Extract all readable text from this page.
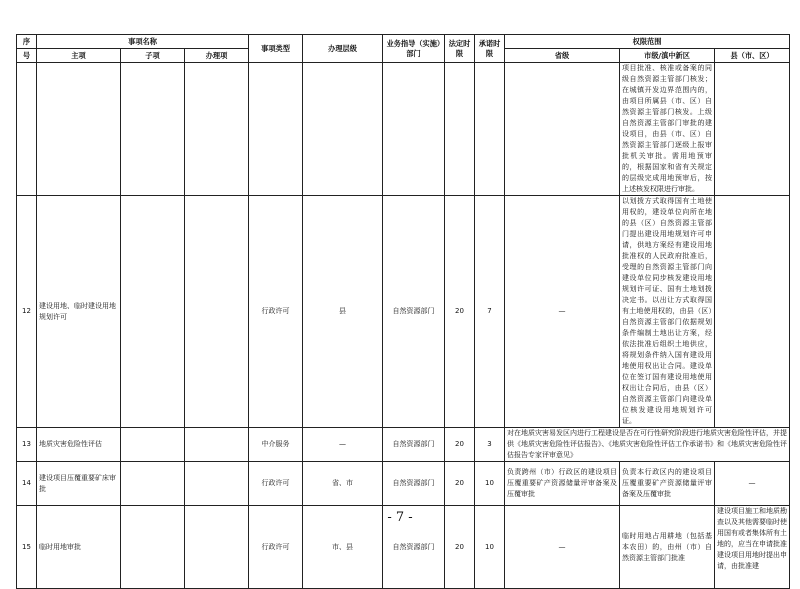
序	事项名称			事项类型	办理层级	业务指导（实施）部门	法定时限	承诺时限	权限范围		
号	主项	子项	办理项						省级	市级/滇中新区	县（市、区）
										项目批准、核准或备案的同级自然资源主管部门核发；在城镇开发边界范围内的，由项目所属县（市、区）自然资源主管部门核发。上级自然资源主管部门审批的建设项目，由县（市、区）自然资源主管部门逐级上报审批机关审批。需用地预审的，根据国家和省有关规定的层级完成用地预审后，按上述核发权限进行审批。	
12	建设用地、临时建设用地规划许可			行政许可	县	自然资源部门	20	7	—	以划拨方式取得国有土地使用权的，建设单位向所在地的县（区）自然资源主管部门提出建设用地规划许可申请，供地方案经有建设用地批准权的人民政府批准后，受理的自然资源主管部门向建设单位同步核发建设用地规划许可证、国有土地划拨决定书。以出让方式取得国有土地使用权的，由县（区）自然资源主管部门依据规划条件编制土地出让方案，经依法批准后组织土地供应，将规划条件纳入国有建设用地使用权出让合同。建设单位在签订国有建设用地使用权出让合同后，由县（区）自然资源主管部门向建设单位核发建设用地规划许可证。	
13	地质灾害危险性评估			中介服务	—	自然资源部门	20	3	对在地质灾害易发区内进行工程建设是否在可行性研究阶段进行地质灾害危险性评估，并提供《地质灾害危险性评估报告》、《地质灾害危险性评估工作承诺书》和《地质灾害危险性评估报告专家评审意见》		
14	建设项目压覆重要矿床审批			行政许可	省、市	自然资源部门	20	10	负责跨州（市）行政区的建设项目压覆重要矿产资源储量评审备案及压覆审批	负责本行政区内的建设项目压覆重要矿产资源储量评审备案及压覆审批	—
15	临时用地审批			行政许可	市、县	自然资源部门	20	10	—	临时用地占用耕地（包括基本农田）的，由州（市）自然资源主管部门批准	建设项目施工和地质勘查以及其他需要临时使用国有或者集体所有土地的，应当在申请批准建设项目用地时提出申请，由批准建
- 7 -
